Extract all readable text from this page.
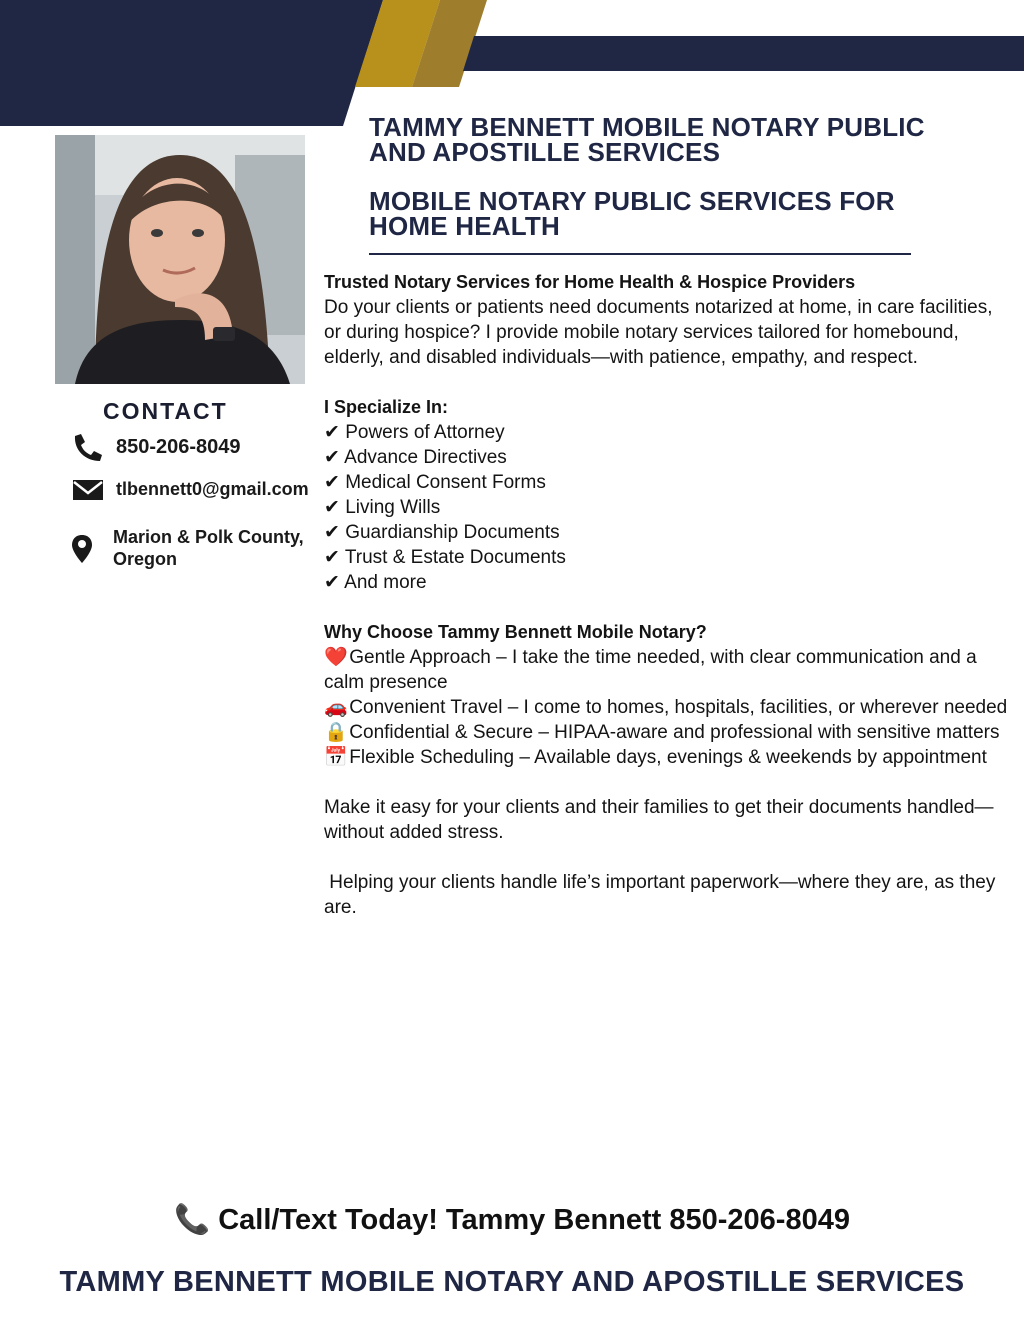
CONTACT
850-206-8049
tlbennett0@gmail.com
Marion & Polk County, Oregon
TAMMY BENNETT MOBILE NOTARY PUBLIC AND APOSTILLE SERVICES
MOBILE NOTARY PUBLIC SERVICES FOR HOME HEALTH

Trusted Notary Services for Home Health & Hospice Providers

Do your clients or patients need documents notarized at home, in care facilities, or during hospice? I provide mobile notary services tailored for homebound, elderly, and disabled individuals—with patience, empathy, and respect.

I Specialize In:

✔ Powers of Attorney

✔ Advance Directives

✔ Medical Consent Forms

✔ Living Wills

✔ Guardianship Documents

✔ Trust & Estate Documents

✔ And more

Why Choose Tammy Bennett Mobile Notary?

❤️ Gentle Approach – I take the time needed, with clear communication and a calm presence

🚗 Convenient Travel – I come to homes, hospitals, facilities, or wherever needed

🔒 Confidential & Secure – HIPAA-aware and professional with sensitive matters

📅 Flexible Scheduling – Available days, evenings & weekends by appointment

Make it easy for your clients and their families to get their documents handled—without added stress.

Helping your clients handle life’s important paperwork—where they are, as they are.

📞 Call/Text Today! Tammy Bennett 850-206-8049
TAMMY BENNETT MOBILE NOTARY AND APOSTILLE SERVICES
